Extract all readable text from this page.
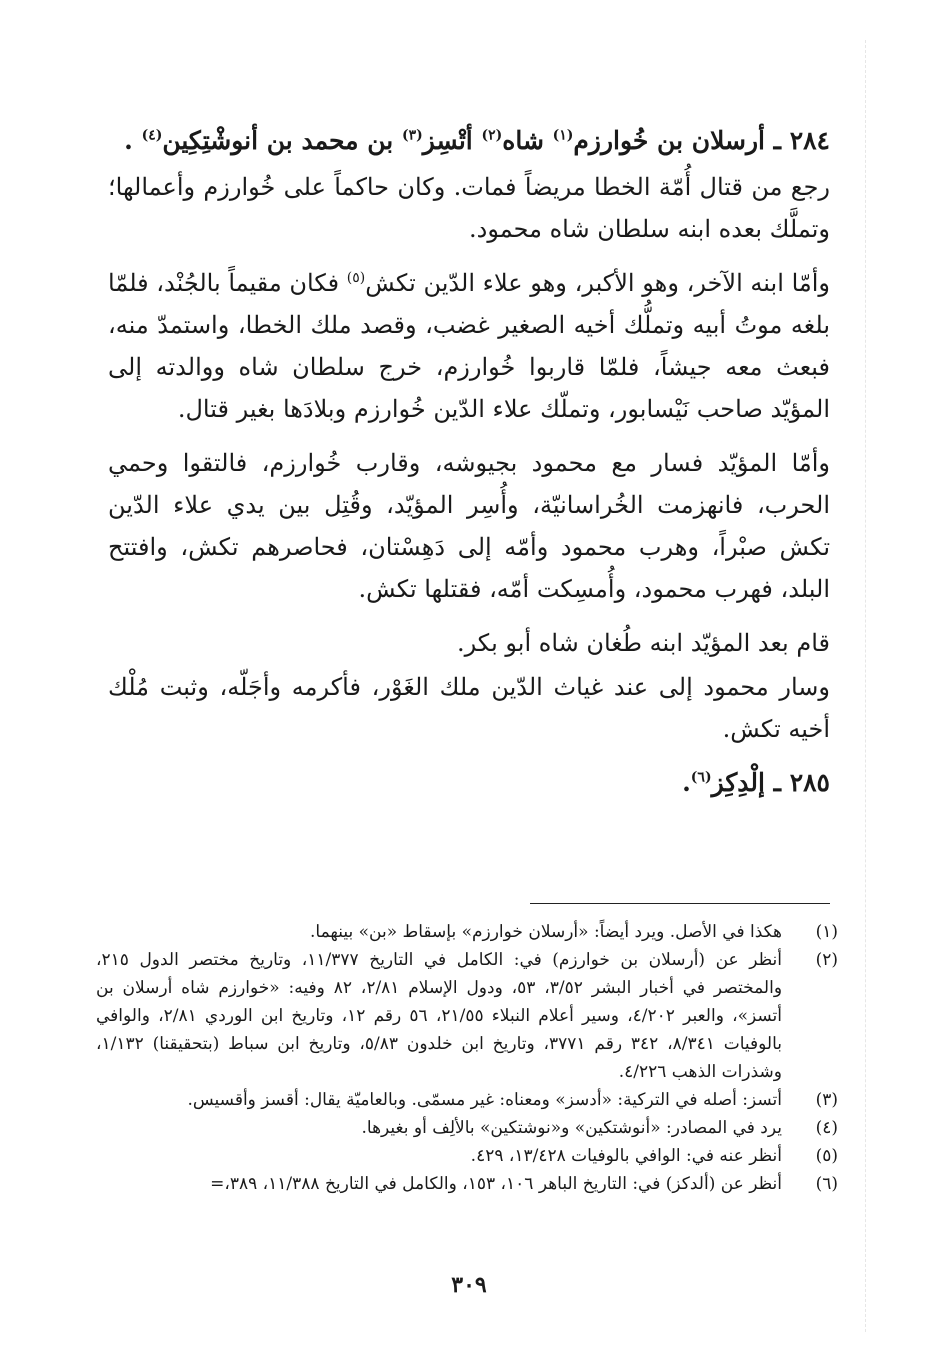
٢٨٤ ـ أرسلان بن خُوارزم$^{(١)}$ شاه$^{(٢)}$ أتْسِز$^{(٣)}$ بن محمد بن أنوشْتِكِين$^{(٤)}$ .

رجع من قتال أُمّة الخطا مريضاً فمات. وكان حاكماً على خُوارزم وأعمالها؛ وتملَّك بعده ابنه سلطان شاه محمود.

وأمّا ابنه الآخر، وهو الأكبر، وهو علاء الدّين تكش$^{(٥)}$ فكان مقيماً بالجُنْد، فلمّا بلغه موتُ أبيه وتملُّك أخيه الصغير غضب، وقصد ملك الخطا، واستمدّ منه، فبعث معه جيشاً، فلمّا قاربوا خُوارزم، خرج سلطان شاه ووالدته إلى المؤيّد صاحب نَيْسابور، وتملّك علاء الدّين خُوارزم وبلادَها بغير قتال.

وأمّا المؤيّد فسار مع محمود بجيوشه، وقارب خُوارزم، فالتقوا وحمي الحرب، فانهزمت الخُراسانيّة، وأُسِر المؤيّد، وقُتِل بين يدي علاء الدّين تكش صبْراً، وهرب محمود وأمّه إلى دَهِسْتان، فحاصرهم تكش، وافتتح البلد، فهرب محمود، وأُمسِكت أمّه، فقتلها تكش.

قام بعد المؤيّد ابنه طُغان شاه أبو بكر.

وسار محمود إلى عند غياث الدّين ملك الغَوْر، فأكرمه وأجَلّه، وثبت مُلْك أخيه تكش.

٢٨٥ ـ إلْدِكِز$^{(٦)}$.
(١)
هكذا في الأصل. ويرد أيضاً: «أرسلان خوارزم» بإسقاط «بن» بينهما.
(٢)
أنظر عن (أرسلان بن خوارزم) في: الكامل في التاريخ ١١/٣٧٧، وتاريخ مختصر الدول ٢١٥، والمختصر في أخبار البشر ٣/٥٢، ٥٣، ودول الإسلام ٢/٨١، ٨٢ وفيه: «خوارزم شاه أرسلان بن أتسز»، والعبر ٤/٢٠٢، وسير أعلام النبلاء ٢١/٥٥، ٥٦ رقم ١٢، وتاريخ ابن الوردي ٢/٨١، والوافي بالوفيات ٨/٣٤١، ٣٤٢ رقم ٣٧٧١، وتاريخ ابن خلدون ٥/٨٣، وتاريخ ابن سباط (بتحقيقنا) ١/١٣٢، وشذرات الذهب ٤/٢٢٦.
(٣)
أتسز: أصله في التركية: «أدسز» ومعناه: غير مسمّى. وبالعاميّة يقال: أقسز وأقسيس.
(٤)
يرد في المصادر: «أنوشتكين» و«نوشتكين» بالألِف أو بغيرها.
(٥)
أنظر عنه في: الوافي بالوفيات ١٣/٤٢٨، ٤٢٩.
(٦)
أنظر عن (ألدكز) في: التاريخ الباهر ١٠٦، ١٥٣، والكامل في التاريخ ١١/٣٨٨، ٣٨٩،=
٣٠٩
